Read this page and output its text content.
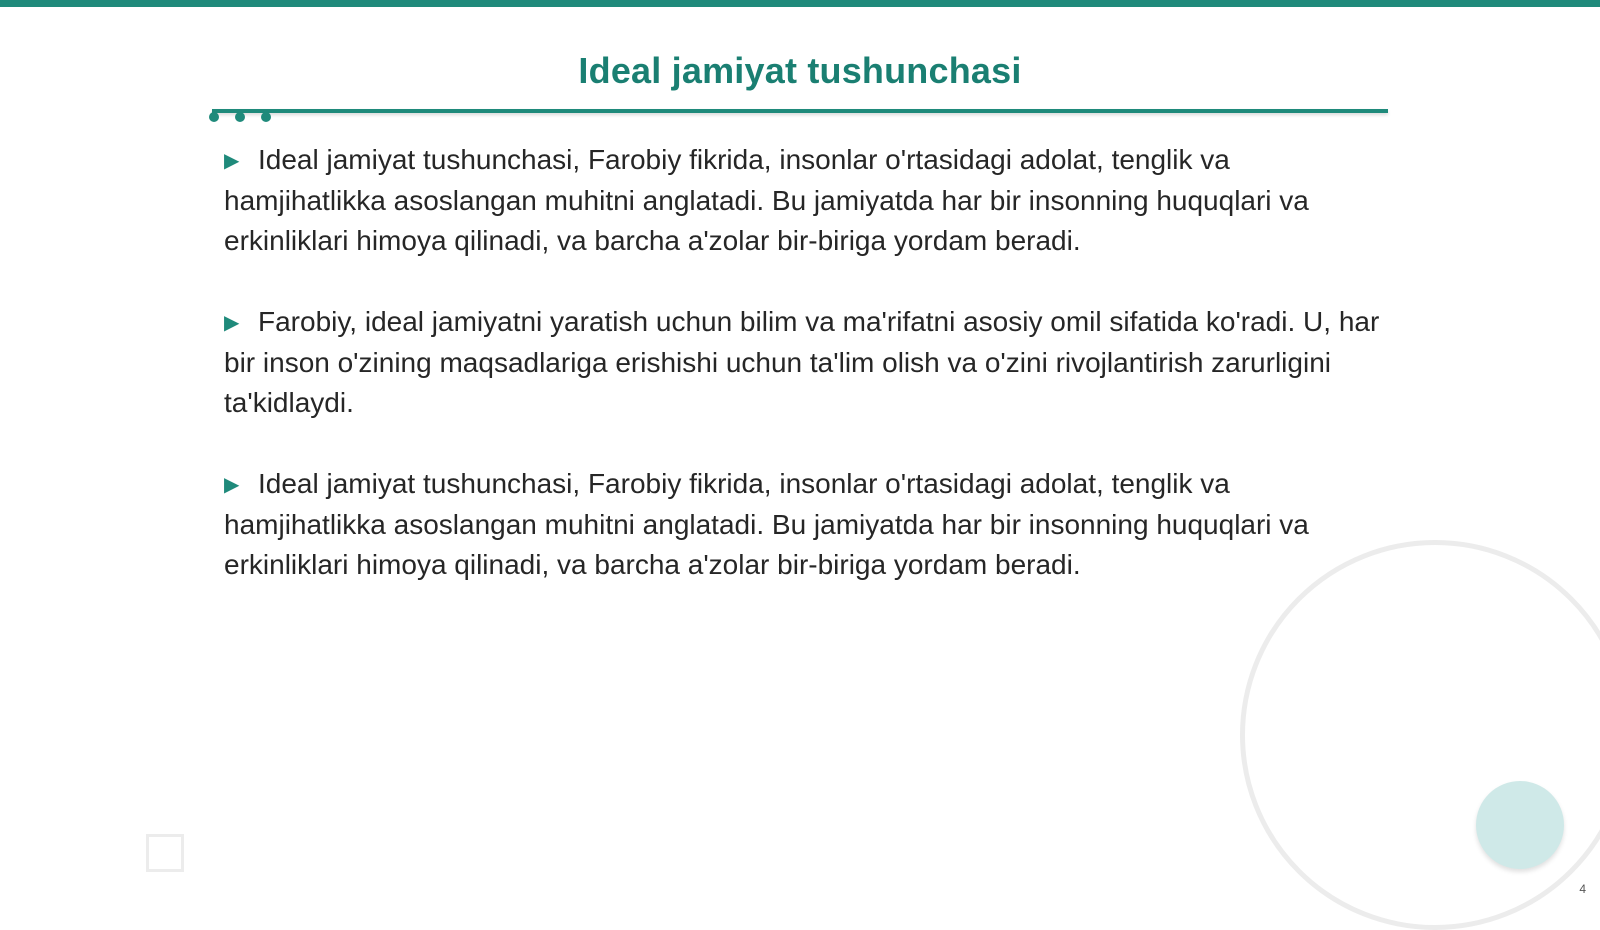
Ideal jamiyat tushunchasi

▶ Ideal jamiyat tushunchasi, Farobiy fikrida, insonlar o'rtasidagi adolat, tenglik va hamjihatlikka asoslangan muhitni anglatadi. Bu jamiyatda har bir insonning huquqlari va erkinliklari himoya qilinadi, va barcha a'zolar bir-biriga yordam beradi.

▶ Farobiy, ideal jamiyatni yaratish uchun bilim va ma'rifatni asosiy omil sifatida ko'radi. U, har bir inson o'zining maqsadlariga erishishi uchun ta'lim olish va o'zini rivojlantirish zarurligini ta'kidlaydi.

▶ Ideal jamiyat tushunchasi, Farobiy fikrida, insonlar o'rtasidagi adolat, tenglik va hamjihatlikka asoslangan muhitni anglatadi. Bu jamiyatda har bir insonning huquqlari va erkinliklari himoya qilinadi, va barcha a'zolar bir-biriga yordam beradi.

4
